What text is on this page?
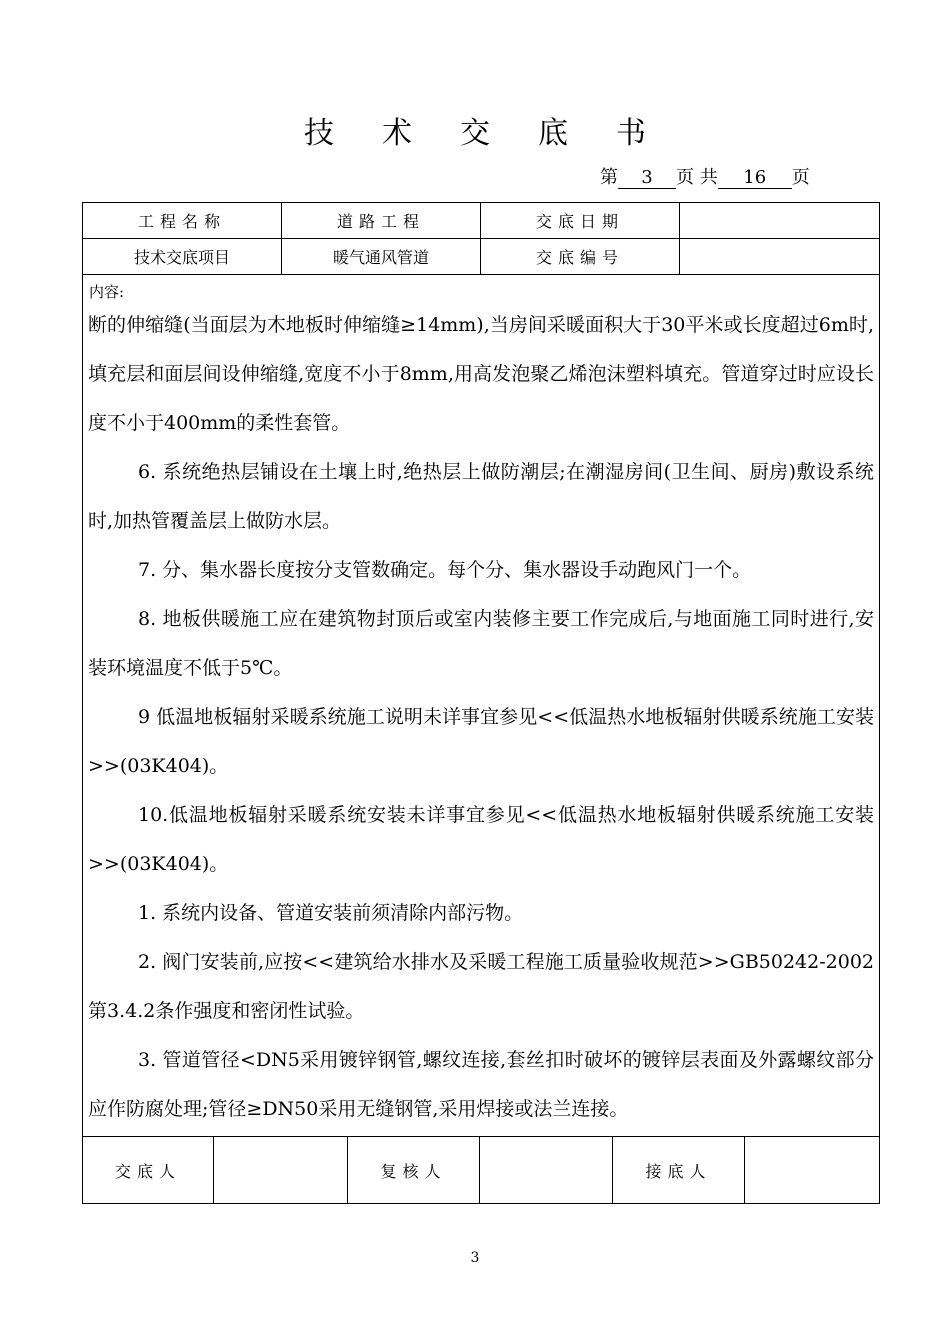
技术交底书
第 3 页 共 16 页
工程名称	道路工程	交底日期
技术交底项目	暖气通风管道	交底编号
内容:

断的伸缩缝(当面层为木地板时伸缩缝≥14mm),当房间采暖面积大于30平米或长度超过6m时,填充层和面层间设伸缩缝,宽度不小于8mm,用高发泡聚乙烯泡沫塑料填充。管道穿过时应设长度不小于400mm的柔性套管。

6. 系统绝热层铺设在土壤上时,绝热层上做防潮层;在潮湿房间(卫生间、厨房)敷设系统时,加热管覆盖层上做防水层。

7. 分、集水器长度按分支管数确定。每个分、集水器设手动跑风门一个。

8. 地板供暖施工应在建筑物封顶后或室内装修主要工作完成后,与地面施工同时进行,安装环境温度不低于5℃。

9 低温地板辐射采暖系统施工说明未详事宜参见<<低温热水地板辐射供暖系统施工安装>>(03K404)。

10.低温地板辐射采暖系统安装未详事宜参见<<低温热水地板辐射供暖系统施工安装>>(03K404)。

1. 系统内设备、管道安装前须清除内部污物。

2. 阀门安装前,应按<<建筑给水排水及采暖工程施工质量验收规范>>GB50242-2002第3.4.2条作强度和密闭性试验。

3. 管道管径<DN5采用镀锌钢管,螺纹连接,套丝扣时破坏的镀锌层表面及外露螺纹部分应作防腐处理;管径≥DN50采用无缝钢管,采用焊接或法兰连接。

交底人	复核人	接底人
3
